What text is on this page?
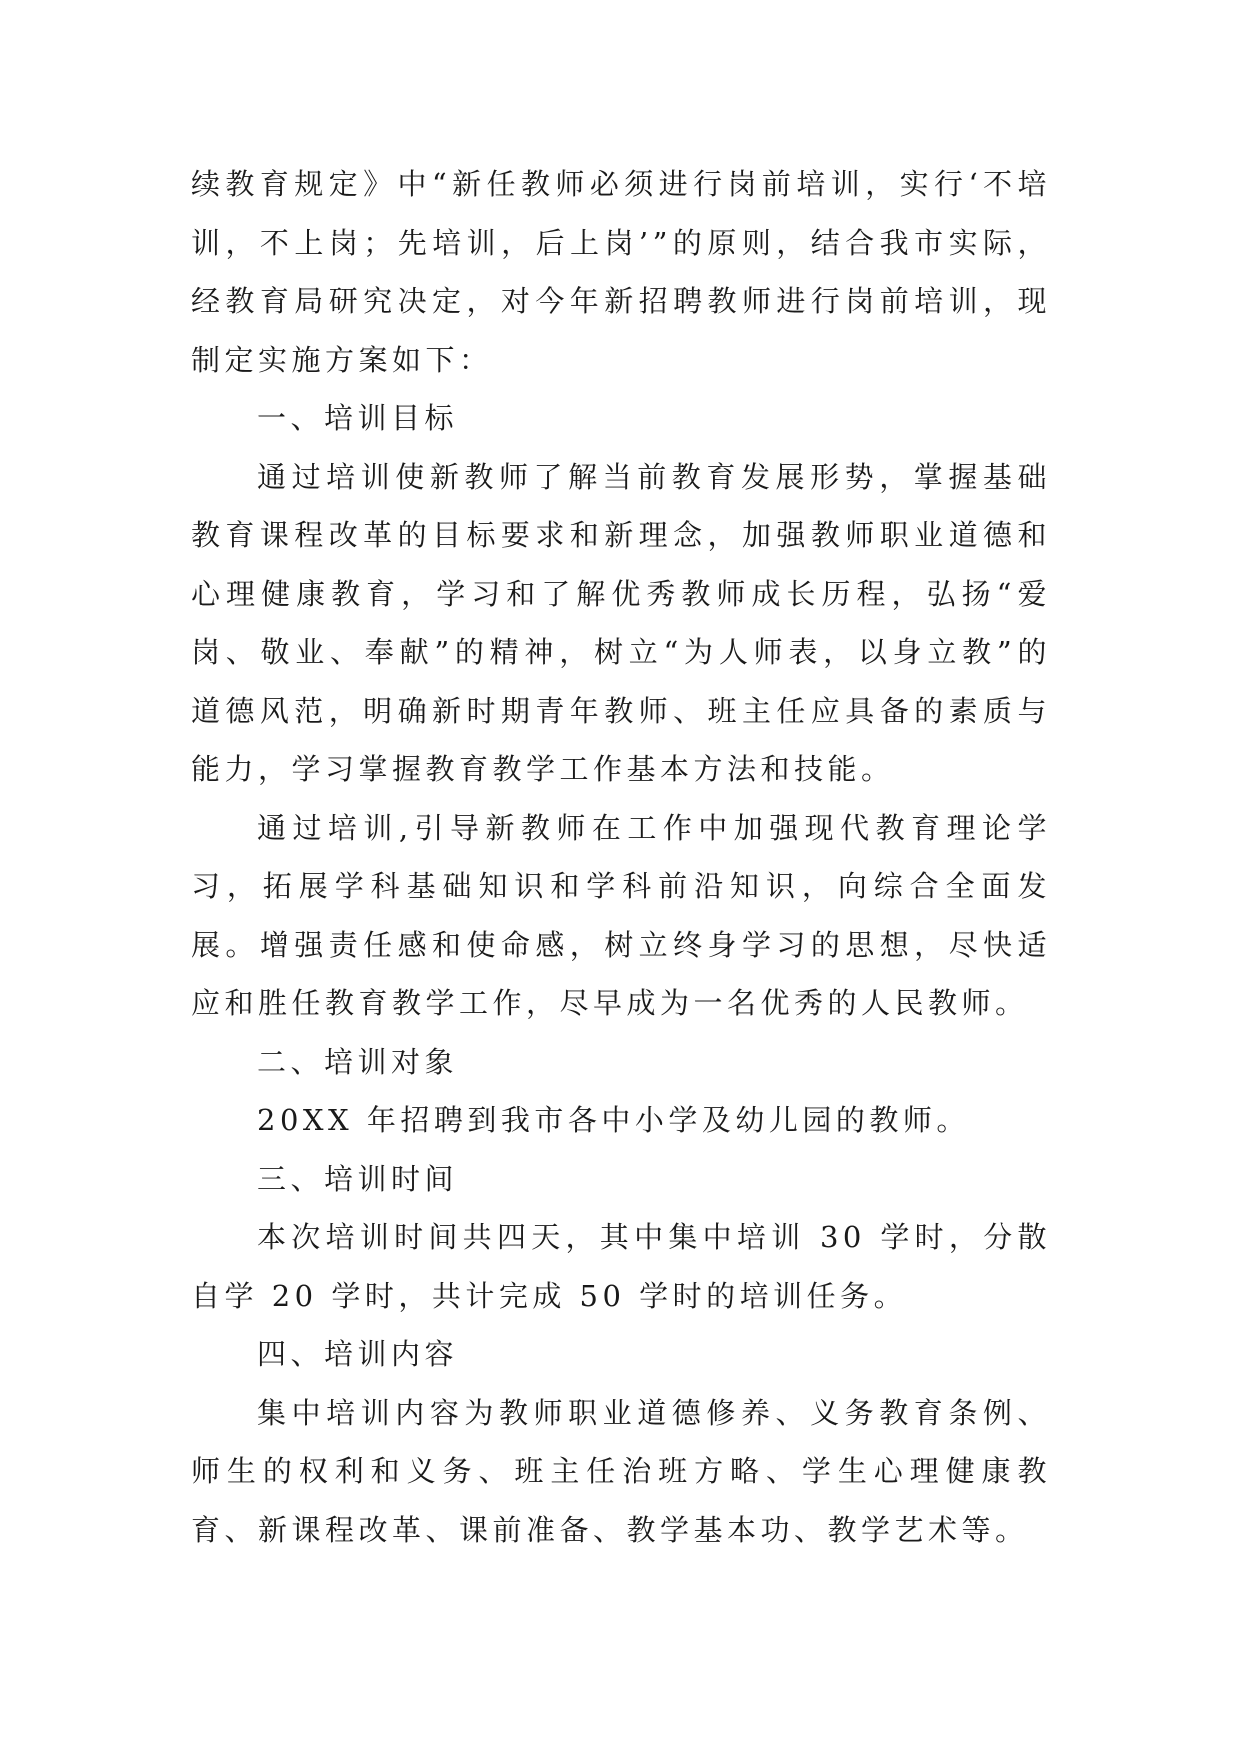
续教育规定》中“新任教师必须进行岗前培训，实行‘不培训，不上岗；先培训，后上岗’”的原则，结合我市实际，经教育局研究决定，对今年新招聘教师进行岗前培训，现制定实施方案如下：

一、培训目标

通过培训使新教师了解当前教育发展形势，掌握基础教育课程改革的目标要求和新理念，加强教师职业道德和心理健康教育，学习和了解优秀教师成长历程，弘扬“爱岗、敬业、奉献”的精神，树立“为人师表，以身立教”的道德风范，明确新时期青年教师、班主任应具备的素质与能力，学习掌握教育教学工作基本方法和技能。

通过培训,引导新教师在工作中加强现代教育理论学习，拓展学科基础知识和学科前沿知识，向综合全面发展。增强责任感和使命感，树立终身学习的思想，尽快适应和胜任教育教学工作，尽早成为一名优秀的人民教师。

二、培训对象

20XX 年招聘到我市各中小学及幼儿园的教师。

三、培训时间

本次培训时间共四天，其中集中培训 30 学时，分散自学 20 学时，共计完成 50 学时的培训任务。

四、培训内容

集中培训内容为教师职业道德修养、义务教育条例、师生的权利和义务、班主任治班方略、学生心理健康教育、新课程改革、课前准备、教学基本功、教学艺术等。
